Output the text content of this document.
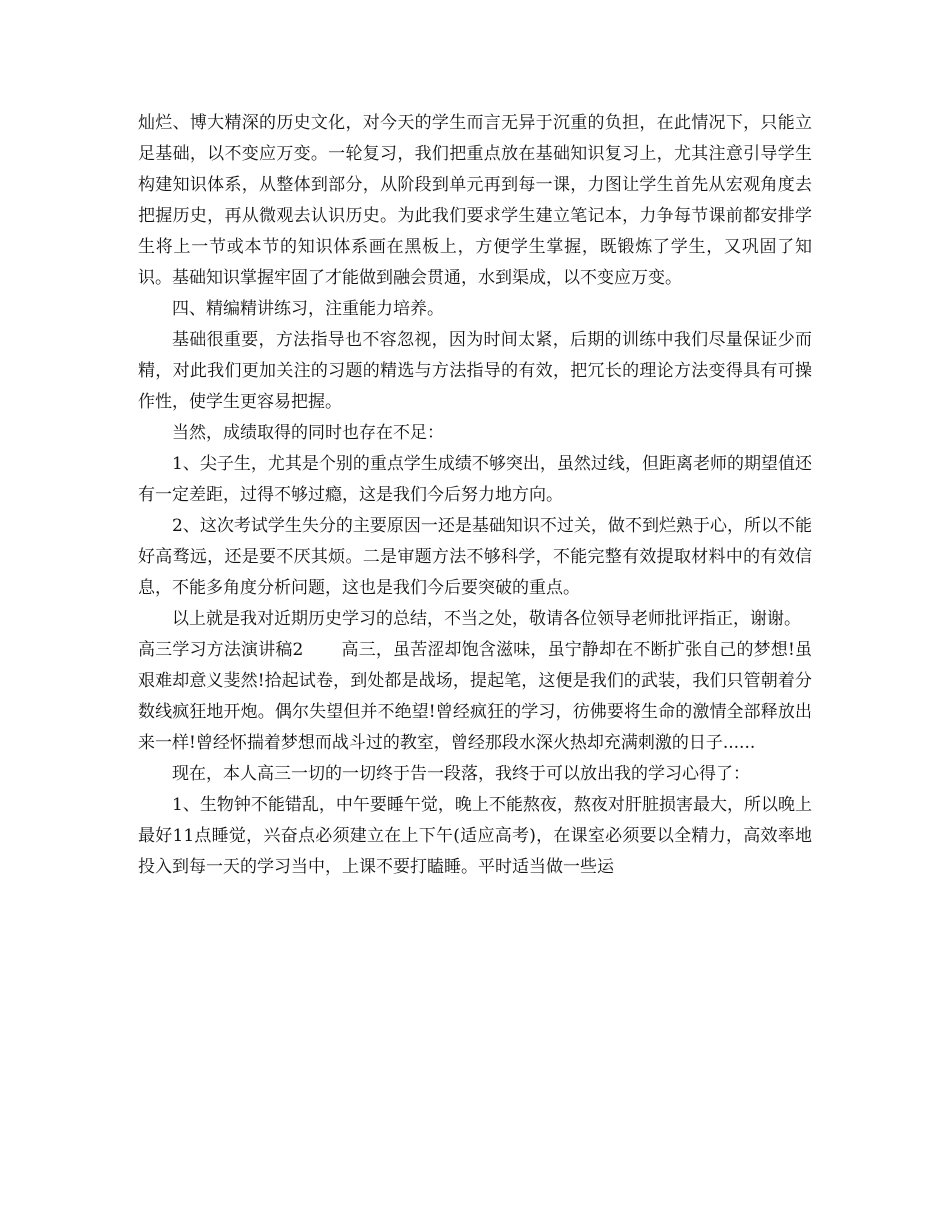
灿烂、博大精深的历史文化，对今天的学生而言无异于沉重的负担，在此情况下，只能立足基础，以不变应万变。一轮复习，我们把重点放在基础知识复习上，尤其注意引导学生构建知识体系，从整体到部分，从阶段到单元再到每一课，力图让学生首先从宏观角度去把握历史，再从微观去认识历史。为此我们要求学生建立笔记本，力争每节课前都安排学生将上一节或本节的知识体系画在黑板上，方便学生掌握，既锻炼了学生，又巩固了知识。基础知识掌握牢固了才能做到融会贯通，水到渠成，以不变应万变。

四、精编精讲练习，注重能力培养。

基础很重要，方法指导也不容忽视，因为时间太紧，后期的训练中我们尽量保证少而精，对此我们更加关注的习题的精选与方法指导的有效，把冗长的理论方法变得具有可操作性，使学生更容易把握。

当然，成绩取得的同时也存在不足：

1、尖子生，尤其是个别的重点学生成绩不够突出，虽然过线，但距离老师的期望值还有一定差距，过得不够过瘾，这是我们今后努力地方向。

2、这次考试学生失分的主要原因一还是基础知识不过关，做不到烂熟于心，所以不能好高骛远，还是要不厌其烦。二是审题方法不够科学，不能完整有效提取材料中的有效信息，不能多角度分析问题，这也是我们今后要突破的重点。

以上就是我对近期历史学习的总结，不当之处，敬请各位领导老师批评指正，谢谢。

高三学习方法演讲稿2 高三，虽苦涩却饱含滋味，虽宁静却在不断扩张自己的梦想!虽艰难却意义斐然!拾起试卷，到处都是战场，提起笔，这便是我们的武装，我们只管朝着分数线疯狂地开炮。偶尔失望但并不绝望!曾经疯狂的学习，彷佛要将生命的激情全部释放出来一样!曾经怀揣着梦想而战斗过的教室，曾经那段水深火热却充满刺激的日子......

现在，本人高三一切的一切终于告一段落，我终于可以放出我的学习心得了：

1、生物钟不能错乱，中午要睡午觉，晚上不能熬夜，熬夜对肝脏损害最大，所以晚上最好11点睡觉，兴奋点必须建立在上下午(适应高考)，在课室必须要以全精力，高效率地投入到每一天的学习当中，上课不要打瞌睡。平时适当做一些运
